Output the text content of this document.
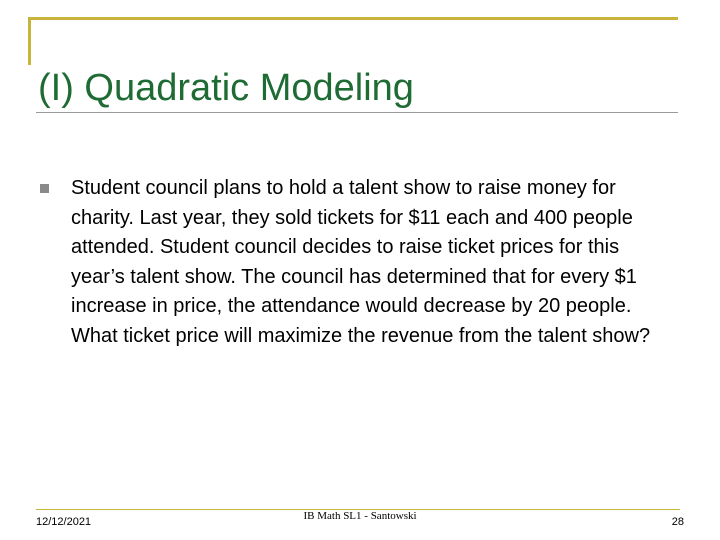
(I) Quadratic Modeling
Student council plans to hold a talent show to raise money for charity. Last year, they sold tickets for $11 each and 400 people attended. Student council decides to raise ticket prices for this year’s talent show. The council has determined that for every $1 increase in price, the attendance would decrease by 20 people. What ticket price will maximize the revenue from the talent show?
12/12/2021	IB Math SL1 - Santowski	28
